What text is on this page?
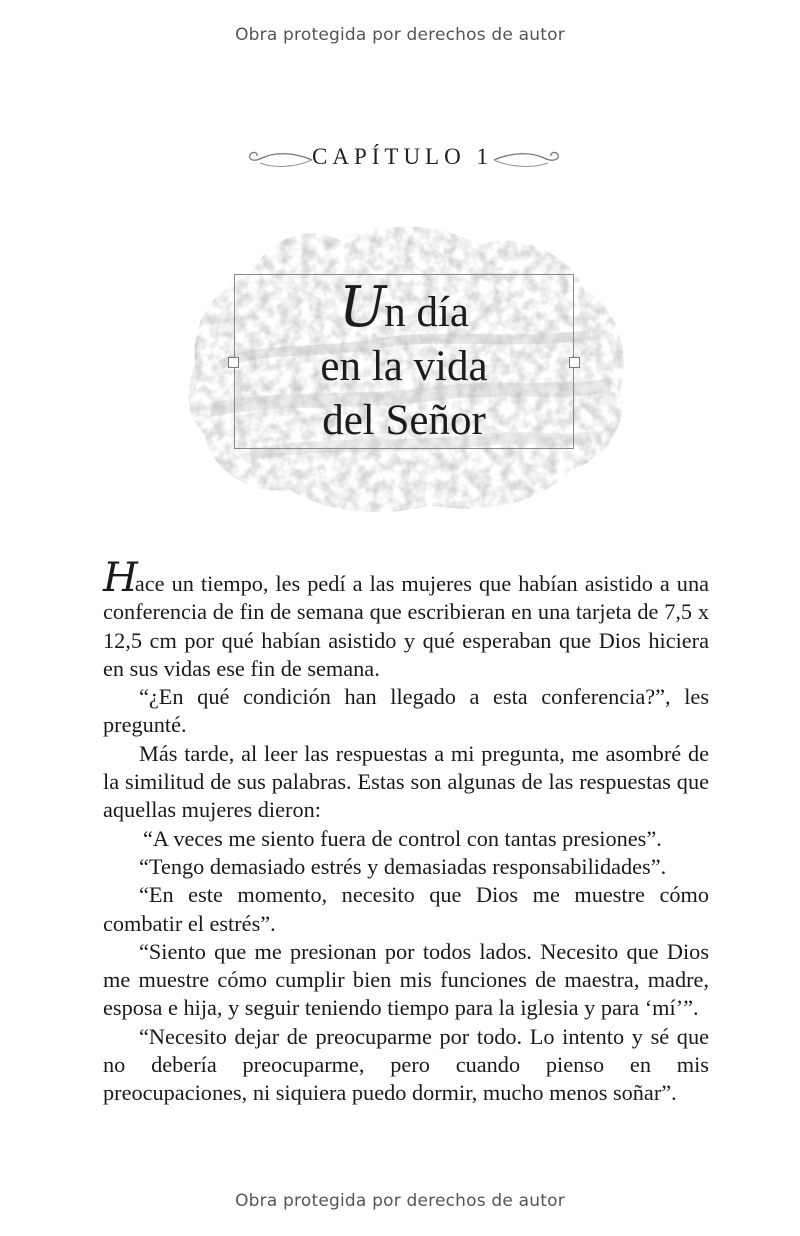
Obra protegida por derechos de autor
CAPÍTULO 1
Un día
en la vida
del Señor

Hace un tiempo, les pedí a las mujeres que habían asistido a una conferencia de fin de semana que escribieran en una tarjeta de 7,5 x 12,5 cm por qué habían asistido y qué esperaban que Dios hiciera en sus vidas ese fin de semana.

“¿En qué condición han llegado a esta conferencia?”, les pregunté.

Más tarde, al leer las respuestas a mi pregunta, me asombré de la similitud de sus palabras. Estas son algunas de las respuestas que aquellas mujeres dieron:

“A veces me siento fuera de control con tantas presiones”.

“Tengo demasiado estrés y demasiadas responsabilidades”.

“En este momento, necesito que Dios me muestre cómo combatir el estrés”.

“Siento que me presionan por todos lados. Necesito que Dios me muestre cómo cumplir bien mis funciones de maestra, madre, esposa e hija, y seguir teniendo tiempo para la iglesia y para ‘mí’”.

“Necesito dejar de preocuparme por todo. Lo intento y sé que no debería preocuparme, pero cuando pienso en mis preocupaciones, ni siquiera puedo dormir, mucho menos soñar”.

Obra protegida por derechos de autor
